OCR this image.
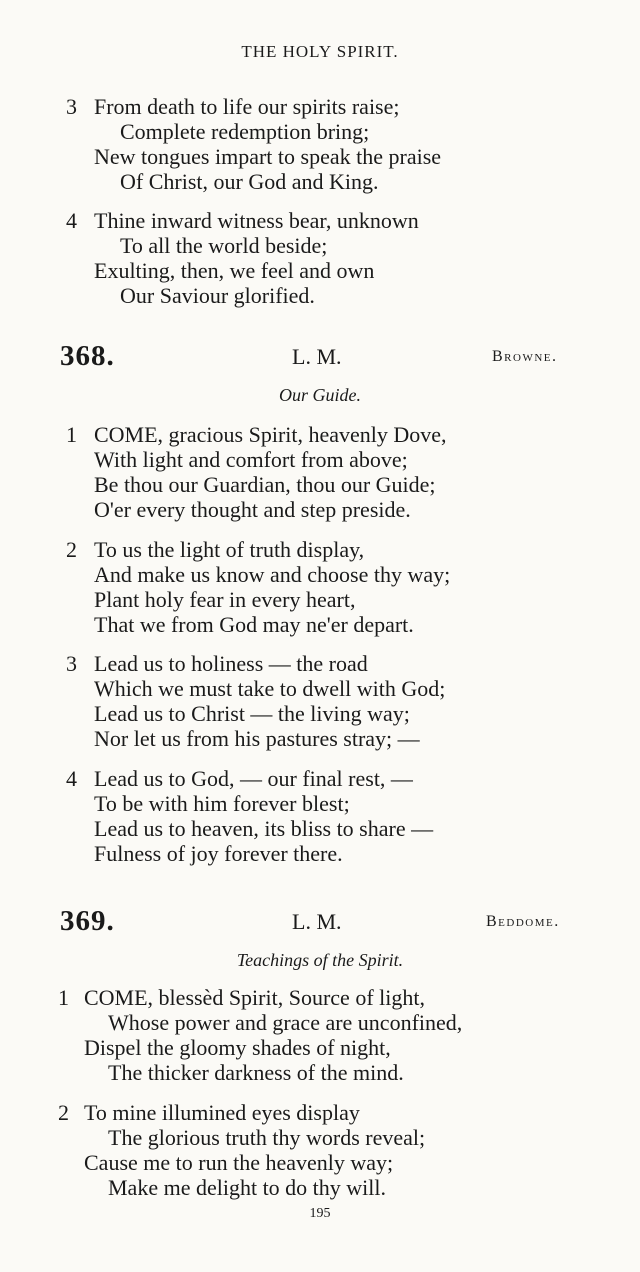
THE HOLY SPIRIT.
3 From death to life our spirits raise;
Complete redemption bring;
New tongues impart to speak the praise
Of Christ, our God and King.
4 Thine inward witness bear, unknown
To all the world beside;
Exulting, then, we feel and own
Our Saviour glorified.
368.	L. M.	Browne.
Our Guide.
1 COME, gracious Spirit, heavenly Dove,
With light and comfort from above;
Be thou our Guardian, thou our Guide;
O'er every thought and step preside.
2 To us the light of truth display,
And make us know and choose thy way;
Plant holy fear in every heart,
That we from God may ne'er depart.
3 Lead us to holiness — the road
Which we must take to dwell with God;
Lead us to Christ — the living way;
Nor let us from his pastures stray; —
4 Lead us to God, — our final rest, —
To be with him forever blest;
Lead us to heaven, its bliss to share —
Fulness of joy forever there.
369.	L. M.	Beddome.
Teachings of the Spirit.
1 COME, blessèd Spirit, Source of light,
Whose power and grace are unconfined,
Dispel the gloomy shades of night,
The thicker darkness of the mind.
2 To mine illumined eyes display
The glorious truth thy words reveal;
Cause me to run the heavenly way;
Make me delight to do thy will.
195
